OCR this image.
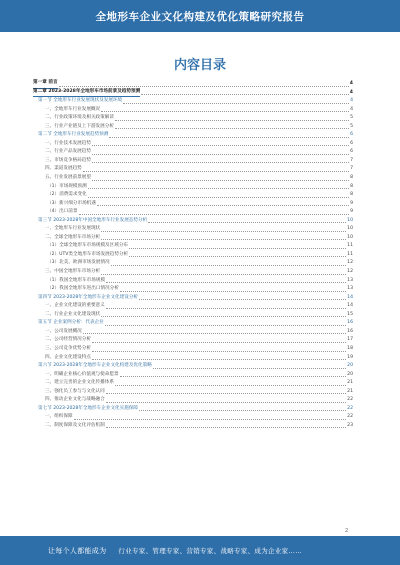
全地形车企业文化构建及优化策略研究报告
内容目录
第一章 前言	4
第二章 2023-2028年全地形车市场前景及趋势预测	4
第一节 全地形车行业发展现状及发展环境	4
一、全地形车行业发展概况	4
二、行业政策环境及相关政策解读	5
三、行业产业链及上下游发展分析	5
第二节 全地形车行业发展趋势预测	6
一、行业技术发展趋势	6
二、行业产品发展趋势	6
三、市场竞争格局趋势	7
四、渠道发展趋势	7
五、行业发展前景展望	8
（1）市场规模预测	8
（2）消费需求变化	8
（3）新兴细分市场机遇	9
（4）出口前景	9
第三节 2023-2028年中国全地形车行业发展态势分析	10
一、全地形车行业发展现状	10
二、全球全地形车市场分析	10
（1）全球全地形车市场规模及区域分布	11
（2）UTV类全地形车市场发展趋势分析	11
（3）北美、欧洲市场发展情况	12
三、中国全地形车市场分析	12
（1）我国全地形车市场规模	13
（2）我国全地形车进出口情况分析	13
第四节 2023-2028年全地形车企业文化建设分析	14
一、企业文化建设的重要意义	14
二、行业企业文化建设现状	15
第五节 企业案例分析：代表企业	16
一、公司发展概况	16
二、公司经营情况分析	17
三、公司竞争优势分析	18
四、企业文化建设特点	19
第六节 2023-2028年全地形车企业文化构建及优化策略	20
一、明确企业核心价值观与使命愿景	20
二、建立完善的企业文化传播体系	21
三、强化员工参与与文化认同	21
四、推动企业文化与战略融合	22
第七节 2023-2028年全地形车企业文化实施保障	22
一、组织保障	22
二、制度保障及文化评估机制	23
2
让每个人都能成为 行业专家、管理专家、营销专家、战略专家、成为企业家……
